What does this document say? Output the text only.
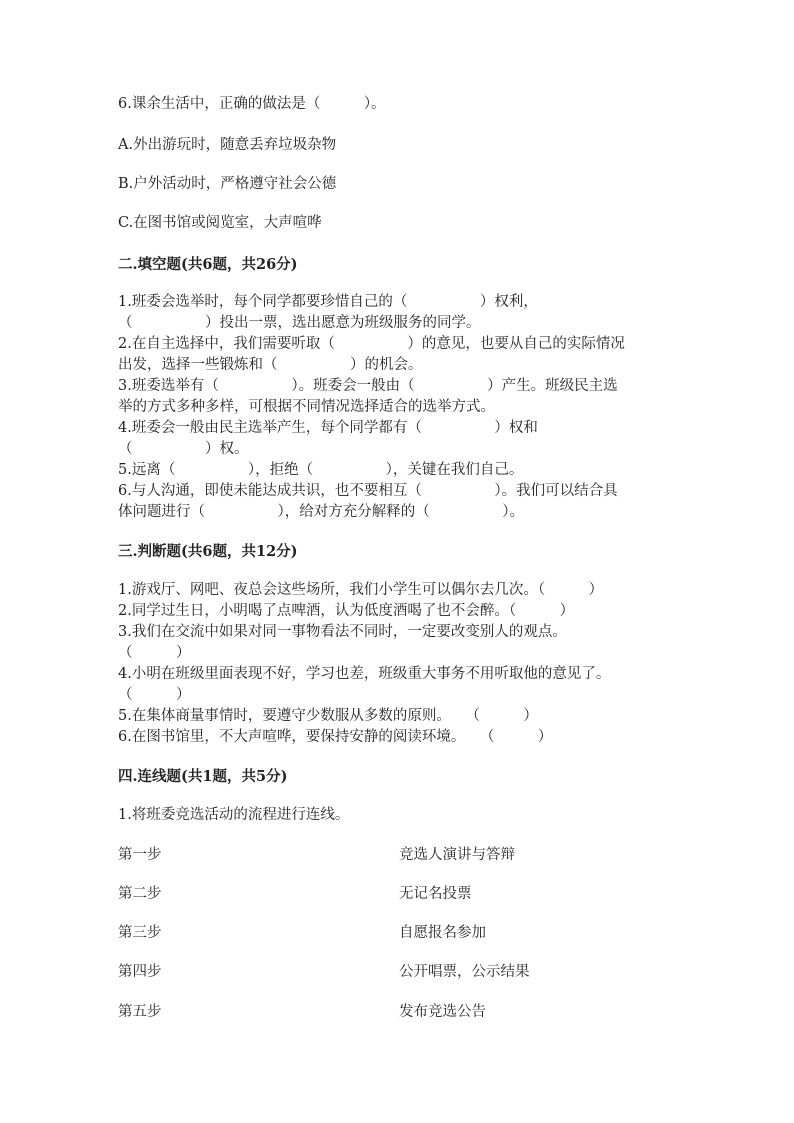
6.课余生活中，正确的做法是（　　　）。
A.外出游玩时，随意丢弃垃圾杂物
B.户外活动时，严格遵守社会公德
C.在图书馆或阅览室，大声喧哗
二.填空题(共6题，共26分)
1.班委会选举时，每个同学都要珍惜自己的（　　　　　）权利，
（　　　　　）投出一票，选出愿意为班级服务的同学。
2.在自主选择中，我们需要听取（　　　　　）的意见，也要从自己的实际情况
出发，选择一些锻炼和（　　　　　）的机会。
3.班委选举有（　　　　　）。班委会一般由（　　　　　）产生。班级民主选
举的方式多种多样，可根据不同情况选择适合的选举方式。
4.班委会一般由民主选举产生，每个同学都有（　　　　　）权和
（　　　　　）权。
5.远离（　　　　　），拒绝（　　　　　），关键在我们自己。
6.与人沟通，即使未能达成共识，也不要相互（　　　　　）。我们可以结合具
体问题进行（　　　　　），给对方充分解释的（　　　　　）。
三.判断题(共6题，共12分)
1.游戏厅、网吧、夜总会这些场所，我们小学生可以偶尔去几次。（　　　）
2.同学过生日，小明喝了点啤酒，认为低度酒喝了也不会醉。（　　　）
3.我们在交流中如果对同一事物看法不同时，一定要改变别人的观点。
（　　　）
4.小明在班级里面表现不好，学习也差，班级重大事务不用听取他的意见了。
（　　　）
5.在集体商量事情时，要遵守少数服从多数的原则。　　（　　　）
6.在图书馆里，不大声喧哗，要保持安静的阅读环境。　　（　　　）
四.连线题(共1题，共5分)
1.将班委竞选活动的流程进行连线。
第一步	竞选人演讲与答辩
第二步	无记名投票
第三步	自愿报名参加
第四步	公开唱票，公示结果
第五步	发布竞选公告
